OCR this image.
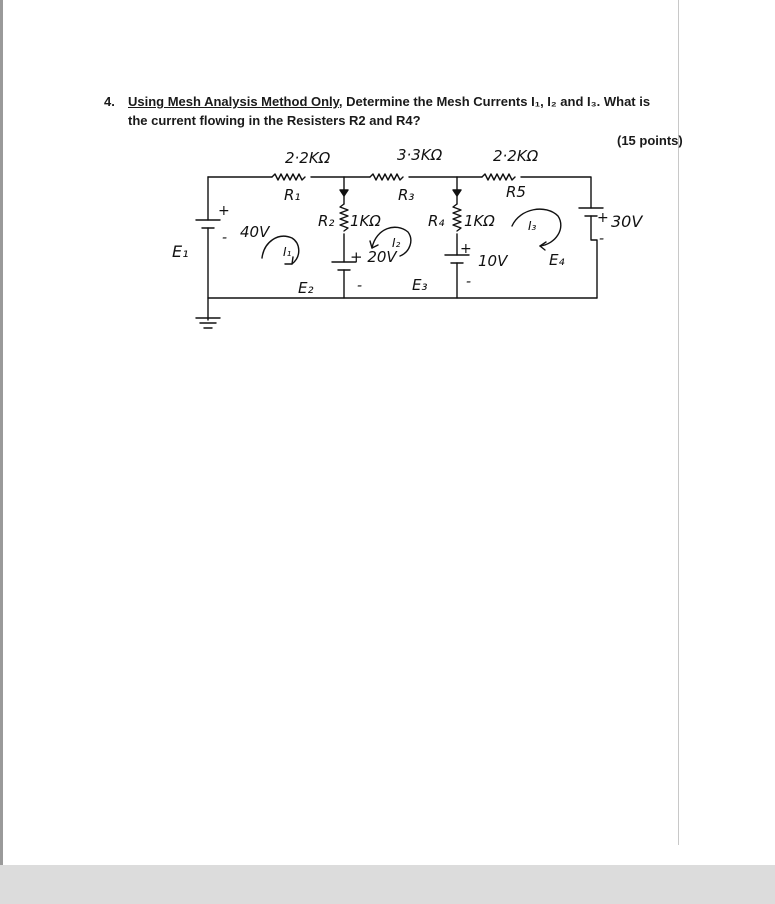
4. Using Mesh Analysis Method Only, Determine the Mesh Currents I₁, I₂ and I₃. What is
the current flowing in the Resisters R2 and R4?
(15 points)
2·2KΩ
R₁
3·3KΩ
R₃
2·2KΩ
R5
R₂ 1KΩ	R₄ 1KΩ
E₁
+
- 40V
+ 20V
E₂	-
+
10V
E₃	-
+ 30V
E₄
-
I₁
I₂
I₃
